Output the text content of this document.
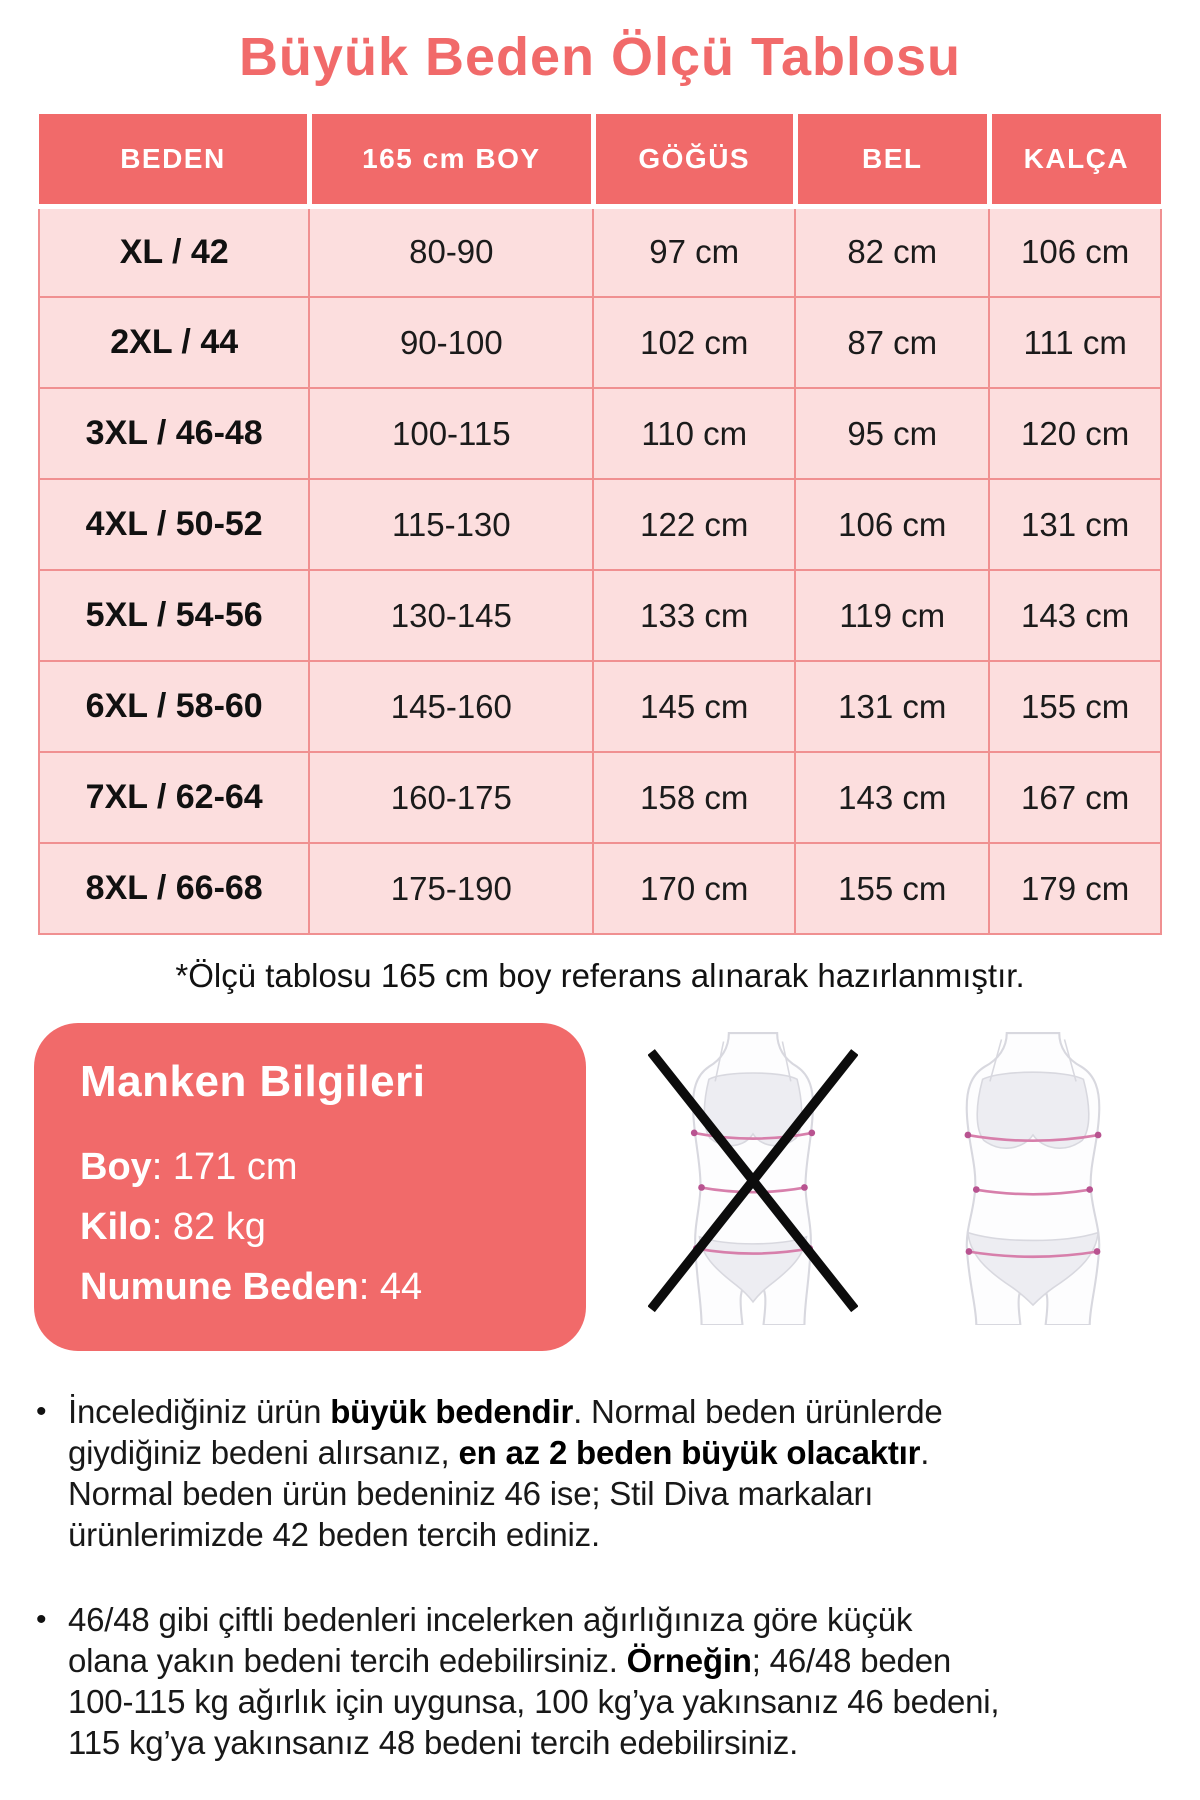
Büyük Beden Ölçü Tablosu
BEDEN	165 cm BOY	GÖĞÜS	BEL	KALÇA
XL / 42	80-90	97 cm	82 cm	106 cm
2XL / 44	90-100	102 cm	87 cm	111 cm
3XL / 46-48	100-115	110 cm	95 cm	120 cm
4XL / 50-52	115-130	122 cm	106 cm	131 cm
5XL / 54-56	130-145	133 cm	119 cm	143 cm
6XL / 58-60	145-160	145 cm	131 cm	155 cm
7XL / 62-64	160-175	158 cm	143 cm	167 cm
8XL / 66-68	175-190	170 cm	155 cm	179 cm

*Ölçü tablosu 165 cm boy referans alınarak hazırlanmıştır.

Manken Bilgileri
Boy: 171 cm
Kilo: 82 kg
Numune Beden: 44
• İncelediğiniz ürün büyük bedendir. Normal beden ürünlerde
giydiğiniz bedeni alırsanız, en az 2 beden büyük olacaktır.
Normal beden ürün bedeniniz 46 ise; Stil Diva markaları
ürünlerimizde 42 beden tercih ediniz.
• 46/48 gibi çiftli bedenleri incelerken ağırlığınıza göre küçük
olana yakın bedeni tercih edebilirsiniz. Örneğin; 46/48 beden
100-115 kg ağırlık için uygunsa, 100 kg’ya yakınsanız 46 bedeni,
115 kg’ya yakınsanız 48 bedeni tercih edebilirsiniz.
